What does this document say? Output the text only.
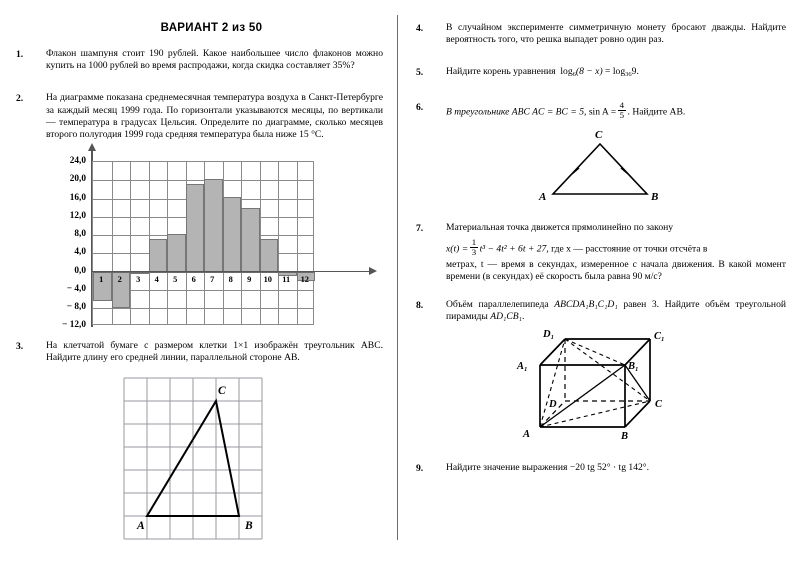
ВАРИАНТ 2 из 50
1.	Флакон шампуня стоит 190 рублей. Какое наибольшее число флаконов можно купить на 1000 рублей во время распродажи, когда скидка составляет 35%?
2.	На диаграмме показана среднемесячная температура воздуха в Санкт-Петербурге за каждый месяц 1999 года. По горизонтали указываются месяцы, по вертикали — температура в градусах Цельсия. Определите по диаграмме, сколько месяцев второго полугодия 1999 года средняя температура была ниже 15 °C.
24,0
20,0
16,0
12,0
8,0
4,0
0,0
− 4,0
− 8,0
− 12,0
1	2	3	4	5	6	7	8	9	10	11	12
3.	На клетчатой бумаге с размером клетки 1×1 изображён треугольник ABC. Найдите длину его средней линии, параллельной стороне AB.
A	B
C
4.	В случайном эксперименте симметричную монету бросают дважды. Найдите вероятность того, что решка выпадет ровно один раз.
5.	Найдите корень уравнения  $\log_6(8 - x) = \log_{36}9$.
6.	В треугольнике ABC AC = BC = 5, $\sin A = \frac{4}{5}$ . Найдите AB.
A	B
C
7.	Материальная точка движется прямолинейно по закону

$x(t) = \frac{1}{3} t^3 - 4t^2 + 6t + 27$, где x — расстояние от точки отсчёта в

метрах, t — время в секундах, измеренное с начала движения. В какой момент времени (в секундах) её скорость была равна 90 м/с?

8.	Объём параллелепипеда ABCDA₁B₁C₁D₁ равен 3. Найдите объём треугольной пирамиды AD₁CB₁.
A	B
C
D
A₁	B₁
C₁
D₁
9.	Найдите значение выражения −20 tg 52° · tg 142°.
